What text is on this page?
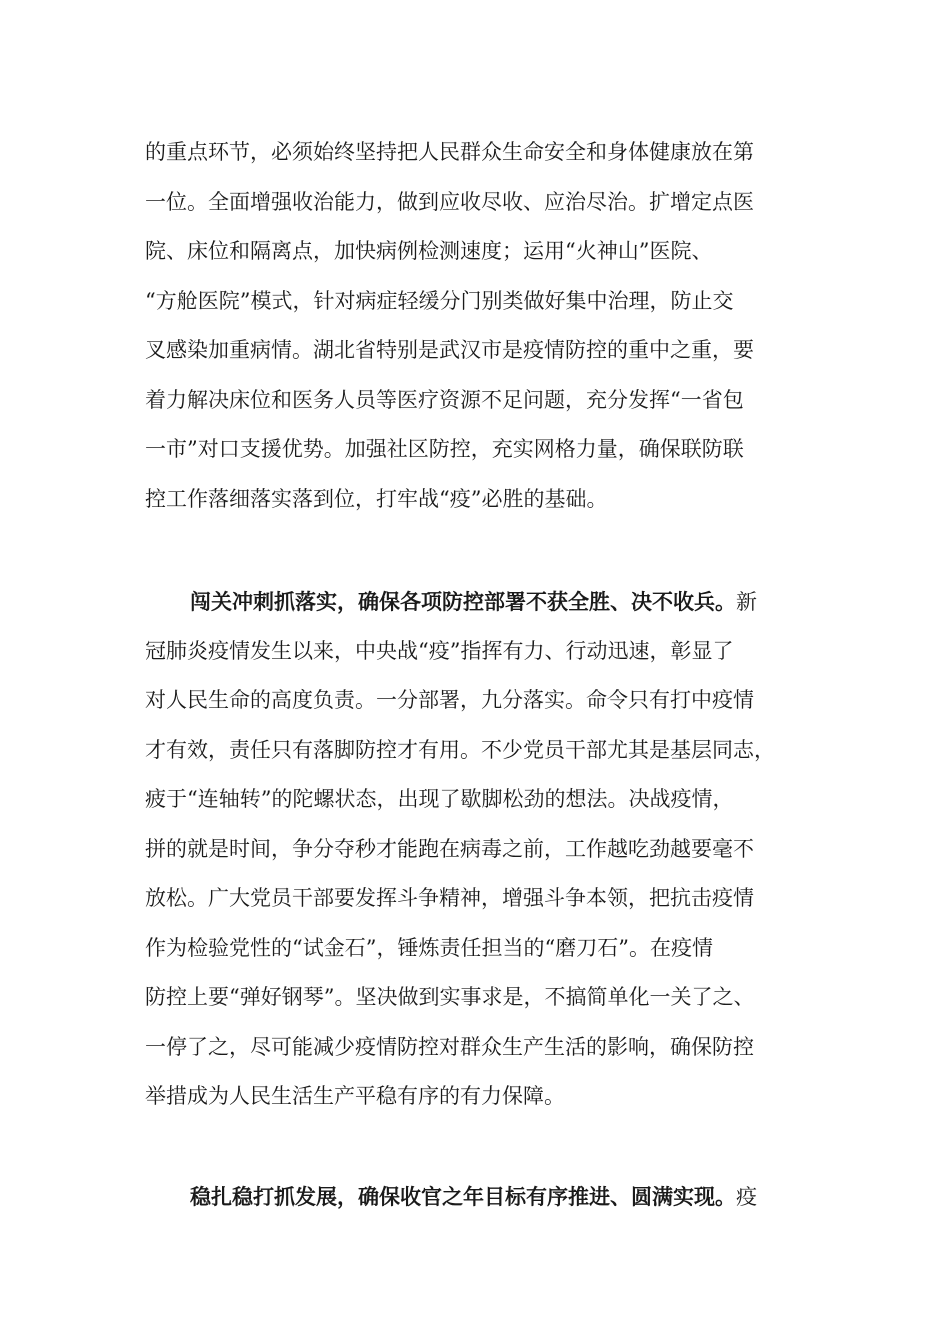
的重点环节，必须始终坚持把人民群众生命安全和身体健康放在第
一位。全面增强收治能力，做到应收尽收、应治尽治。扩增定点医
院、床位和隔离点，加快病例检测速度；运用“火神山”医院、
“方舱医院”模式，针对病症轻缓分门别类做好集中治理，防止交
叉感染加重病情。湖北省特别是武汉市是疫情防控的重中之重，要
着力解决床位和医务人员等医疗资源不足问题，充分发挥“一省包
一市”对口支援优势。加强社区防控，充实网格力量，确保联防联
控工作落细落实落到位，打牢战“疫”必胜的基础。
闯关冲刺抓落实，确保各项防控部署不获全胜、决不收兵。新
冠肺炎疫情发生以来，中央战“疫”指挥有力、行动迅速，彰显了
对人民生命的高度负责。一分部署，九分落实。命令只有打中疫情
才有效，责任只有落脚防控才有用。不少党员干部尤其是基层同志，
疲于“连轴转”的陀螺状态，出现了歇脚松劲的想法。决战疫情，
拼的就是时间，争分夺秒才能跑在病毒之前，工作越吃劲越要毫不
放松。广大党员干部要发挥斗争精神，增强斗争本领，把抗击疫情
作为检验党性的“试金石”，锤炼责任担当的“磨刀石”。在疫情
防控上要“弹好钢琴”。坚决做到实事求是，不搞简单化一关了之、
一停了之，尽可能减少疫情防控对群众生产生活的影响，确保防控
举措成为人民生活生产平稳有序的有力保障。
稳扎稳打抓发展，确保收官之年目标有序推进、圆满实现。疫
